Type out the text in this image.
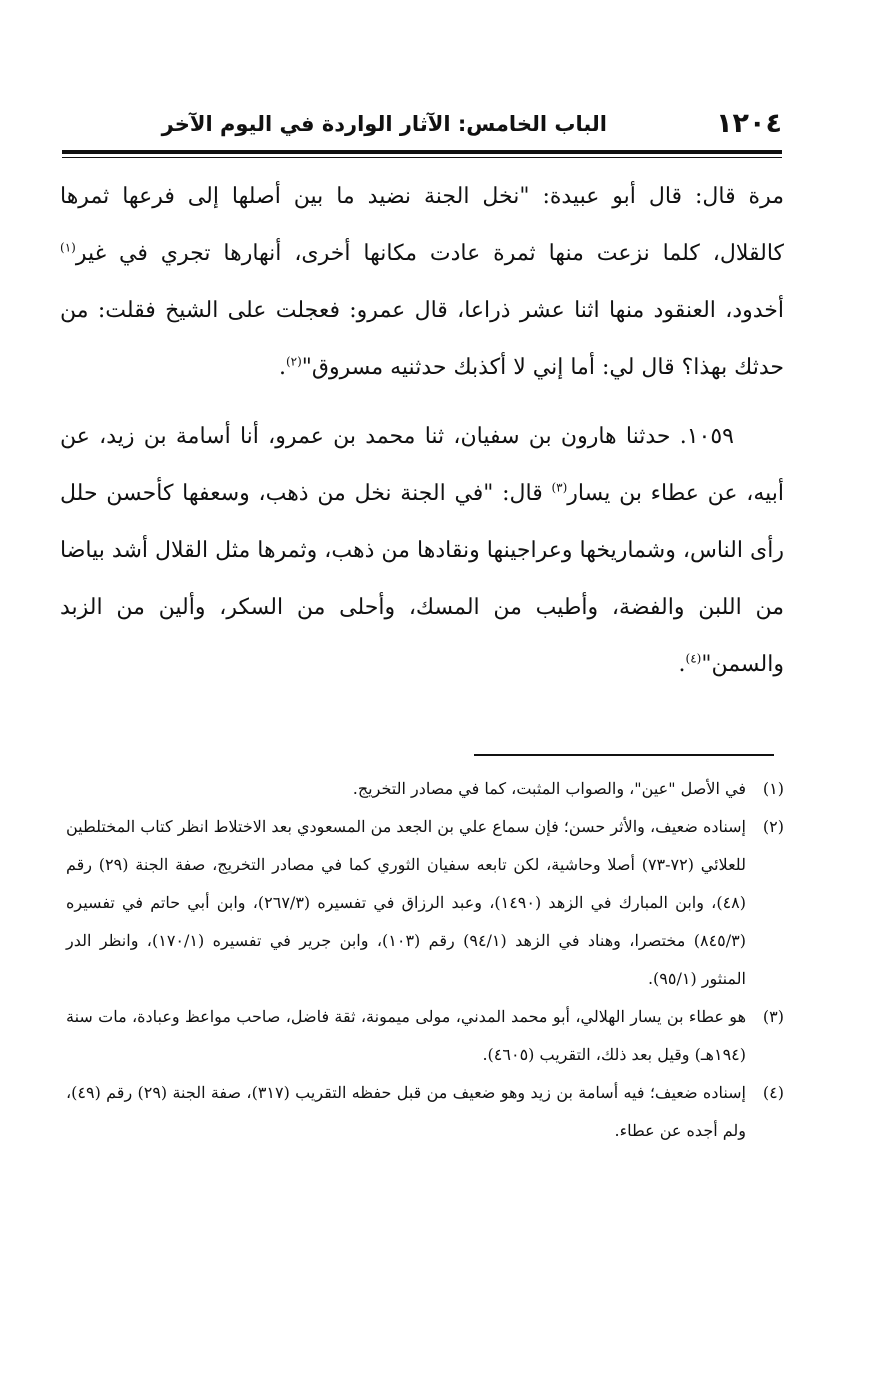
١٢٠٤
الباب الخامس: الآثار الواردة في اليوم الآخر

مرة قال: قال أبو عبيدة: "نخل الجنة نضيد ما بين أصلها إلى فرعها ثمرها كالقلال، كلما نزعت منها ثمرة عادت مكانها أخرى، أنهارها تجري في غير$^{(١)}$ أخدود، العنقود منها اثنا عشر ذراعا، قال عمرو: فعجلت على الشيخ فقلت: من حدثك بهذا؟ قال لي: أما إني لا أكذبك حدثنيه مسروق"$^{(٢)}$.

١٠٥٩. حدثنا هارون بن سفيان، ثنا محمد بن عمرو، أنا أسامة بن زيد، عن أبيه، عن عطاء بن يسار$^{(٣)}$ قال: "في الجنة نخل من ذهب، وسعفها كأحسن حلل رأى الناس، وشماريخها وعراجينها ونقادها من ذهب، وثمرها مثل القلال أشد بياضا من اللبن والفضة، وأطيب من المسك، وأحلى من السكر، وألين من الزبد والسمن"$^{(٤)}$.

(١)
في الأصل "عين"، والصواب المثبت، كما في مصادر التخريج.

(٢)
إسناده ضعيف، والأثر حسن؛ فإن سماع علي بن الجعد من المسعودي بعد الاختلاط انظر كتاب المختلطين للعلائي (٧٢-٧٣) أصلا وحاشية، لكن تابعه سفيان الثوري كما في مصادر التخريج، صفة الجنة (٢٩) رقم (٤٨)، وابن المبارك في الزهد (١٤٩٠)، وعبد الرزاق في تفسيره (٢٦٧/٣)، وابن أبي حاتم في تفسيره (٨٤٥/٣) مختصرا، وهناد في الزهد (٩٤/١) رقم (١٠٣)، وابن جرير في تفسيره (١٧٠/١)، وانظر الدر المنثور (٩٥/١).

(٣)
هو عطاء بن يسار الهلالي، أبو محمد المدني، مولى ميمونة، ثقة فاضل، صاحب مواعظ وعبادة، مات سنة (١٩٤هـ) وقيل بعد ذلك، التقريب (٤٦٠٥).

(٤)
إسناده ضعيف؛ فيه أسامة بن زيد وهو ضعيف من قبل حفظه التقريب (٣١٧)، صفة الجنة (٢٩) رقم (٤٩)، ولم أجده عن عطاء.
